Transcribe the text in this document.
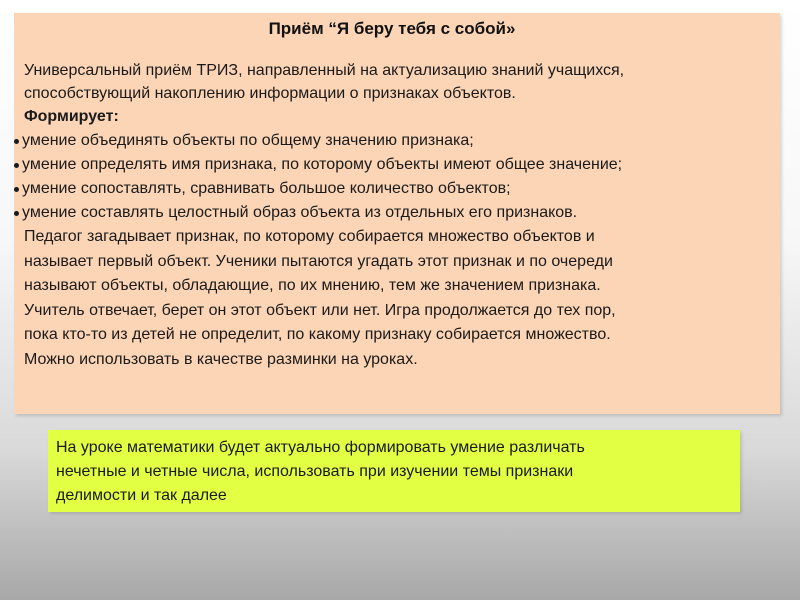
Приём “Я беру тебя с собой»

Универсальный приём ТРИЗ, направленный на актуализацию знаний учащихся,

способствующий накоплению информации о признаках объектов.

Формирует:
умение объединять объекты по общему значению признака;
умение определять имя признака, по которому объекты имеют общее значение;
умение сопоставлять, сравнивать большое количество объектов;
умение составлять целостный образ объекта из отдельных его признаков.

Педагог загадывает признак, по которому собирается множество объектов и

называет первый объект. Ученики пытаются угадать этот признак и по очереди

называют объекты, обладающие, по их мнению, тем же значением признака.

Учитель отвечает, берет он этот объект или нет. Игра продолжается до тех пор,

пока кто-то из детей не определит, по какому признаку собирается множество.

Можно использовать в качестве разминки на уроках.

На уроке математики будет актуально формировать умение различать

нечетные и четные числа, использовать при изучении темы признаки

делимости и так далее
